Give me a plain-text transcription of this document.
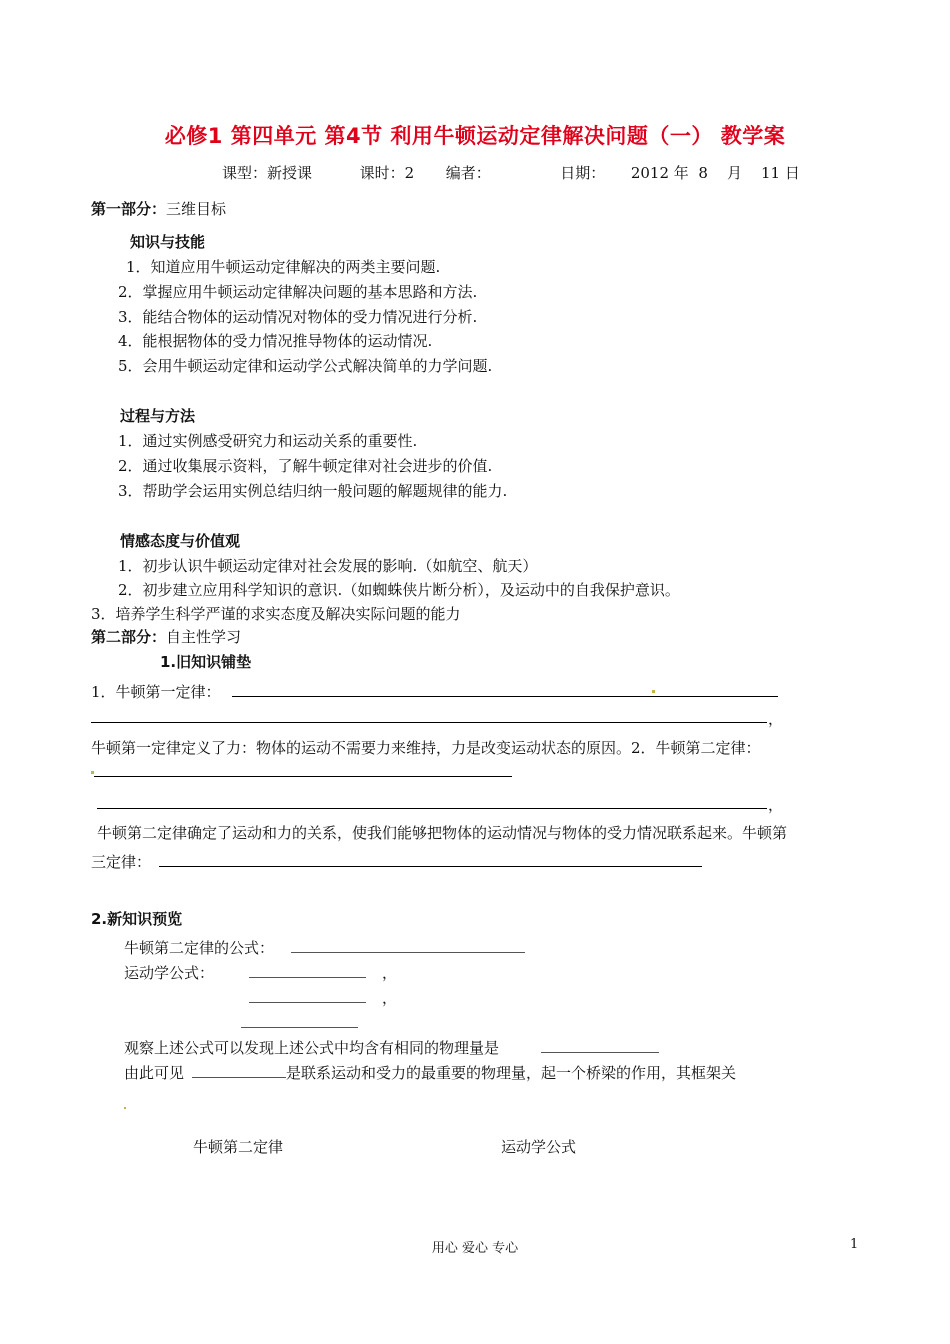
必修1 第四单元 第4节 利用牛顿运动定律解决问题（一） 教学案
课型：新授课	课时：2 编者：	日期： 2012 年  8    月    11 日
第一部分：三维目标
知识与技能
1．知道应用牛顿运动定律解决的两类主要问题.
2．掌握应用牛顿运动定律解决问题的基本思路和方法.
3．能结合物体的运动情况对物体的受力情况进行分析.
4．能根据物体的受力情况推导物体的运动情况.
5．会用牛顿运动定律和运动学公式解决简单的力学问题.
过程与方法
1．通过实例感受研究力和运动关系的重要性.
2．通过收集展示资料，了解牛顿定律对社会进步的价值.
3．帮助学会运用实例总结归纳一般问题的解题规律的能力.
情感态度与价值观
1．初步认识牛顿运动定律对社会发展的影响.（如航空、航天）
2．初步建立应用科学知识的意识.（如蜘蛛侠片断分析），及运动中的自我保护意识。
3．培养学生科学严谨的求实态度及解决实际问题的能力
第二部分：自主性学习
1.旧知识铺垫
1．牛顿第一定律：
，
牛顿第一定律定义了力：物体的运动不需要力来维持，力是改变运动状态的原因。2．牛顿第二定律：
，
牛顿第二定律确定了运动和力的关系，使我们能够把物体的运动情况与物体的受力情况联系起来。牛顿第
三定律：
2.新知识预览
牛顿第二定律的公式：
运动学公式：	，
，
观察上述公式可以发现上述公式中均含有相同的物理量是
由此可见	是联系运动和受力的最重要的物理量，起一个桥梁的作用，其框架关
牛顿第二定律	运动学公式
用心 爱心 专心	1
